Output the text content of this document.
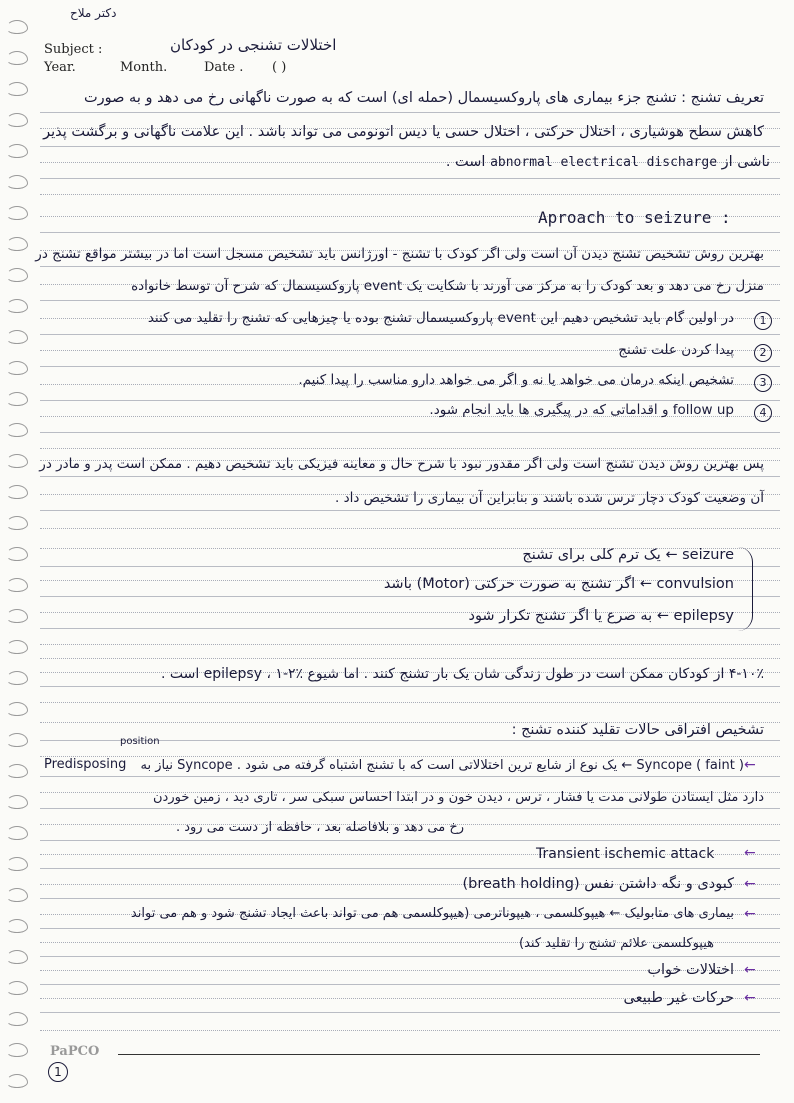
دکتر ملاح
Subject :	اختلالات تشنجی در کودکان
Year.	Month.	Date . ( )
تعریف تشنج : تشنج جزء بیماری های پاروکسیسمال (حمله ای) است که به صورت ناگهانی رخ می دهد و به صورت
کاهش سطح هوشیاری ، اختلال حرکتی ، اختلال حسی یا دیس اتونومی می تواند باشد . این علامت ناگهانی و برگشت پذیر
ناشی از abnormal electrical discharge است .
Aproach to seizure :
بهترین روش تشخیص تشنج دیدن آن است ولی اگر کودک با تشنج - اورژانس باید تشخیص مسجل است اما در بیشتر مواقع تشنج در
منزل رخ می دهد و بعد کودک را به مرکز می آورند با شکایت یک event پاروکسیسمال که شرح آن توسط خانواده
1
در اولین گام باید تشخیص دهیم این event پاروکسیسمال تشنج بوده یا چیزهایی که تشنج را تقلید می کنند
2
پیدا کردن علت تشنج
3
تشخیص اینکه درمان می خواهد یا نه و اگر می خواهد دارو مناسب را پیدا کنیم.
4
follow up و اقداماتی که در پیگیری ها باید انجام شود.
پس بهترین روش دیدن تشنج است ولی اگر مقدور نبود با شرح حال و معاینه فیزیکی باید تشخیص دهیم . ممکن است پدر و مادر در
آن وضعیت کودک دچار ترس شده باشند و بنابراین آن بیماری را تشخیص داد .
seizure ← یک ترم کلی برای تشنج
convulsion ← اگر تشنج به صورت حرکتی (Motor) باشد
epilepsy ← به صرع یا اگر تشنج تکرار شود
۴-۱۰٪ از کودکان ممکن است در طول زندگی شان یک بار تشنج کنند . اما شیوع epilepsy ، ۱-۲٪ است .
تشخیص افتراقی حالات تقلید کننده تشنج :
position
Predisposing Syncope ( faint ) ← یک نوع از شایع ترین اختلالاتی است که با تشنج اشتباه گرفته می شود . Syncope نیاز به ←
دارد مثل ایستادن طولانی مدت یا فشار ، ترس ، دیدن خون و در ابتدا احساس سبکی سر ، تاری دید ، زمین خوردن
رخ می دهد و بلافاصله بعد ، حافظه از دست می رود .
Transient ischemic attack ←
کبودی و نگه داشتن نفس (breath holding) ←
بیماری های متابولیک ← هیپوکلسمی ، هیپوناترمی (هیپوکلسمی هم می تواند باعث ایجاد تشنج شود و هم می تواند ←
هیپوکلسمی علائم تشنج را تقلید کند)
اختلالات خواب ←
حرکات غیر طبیعی ←
PaPCO
1
